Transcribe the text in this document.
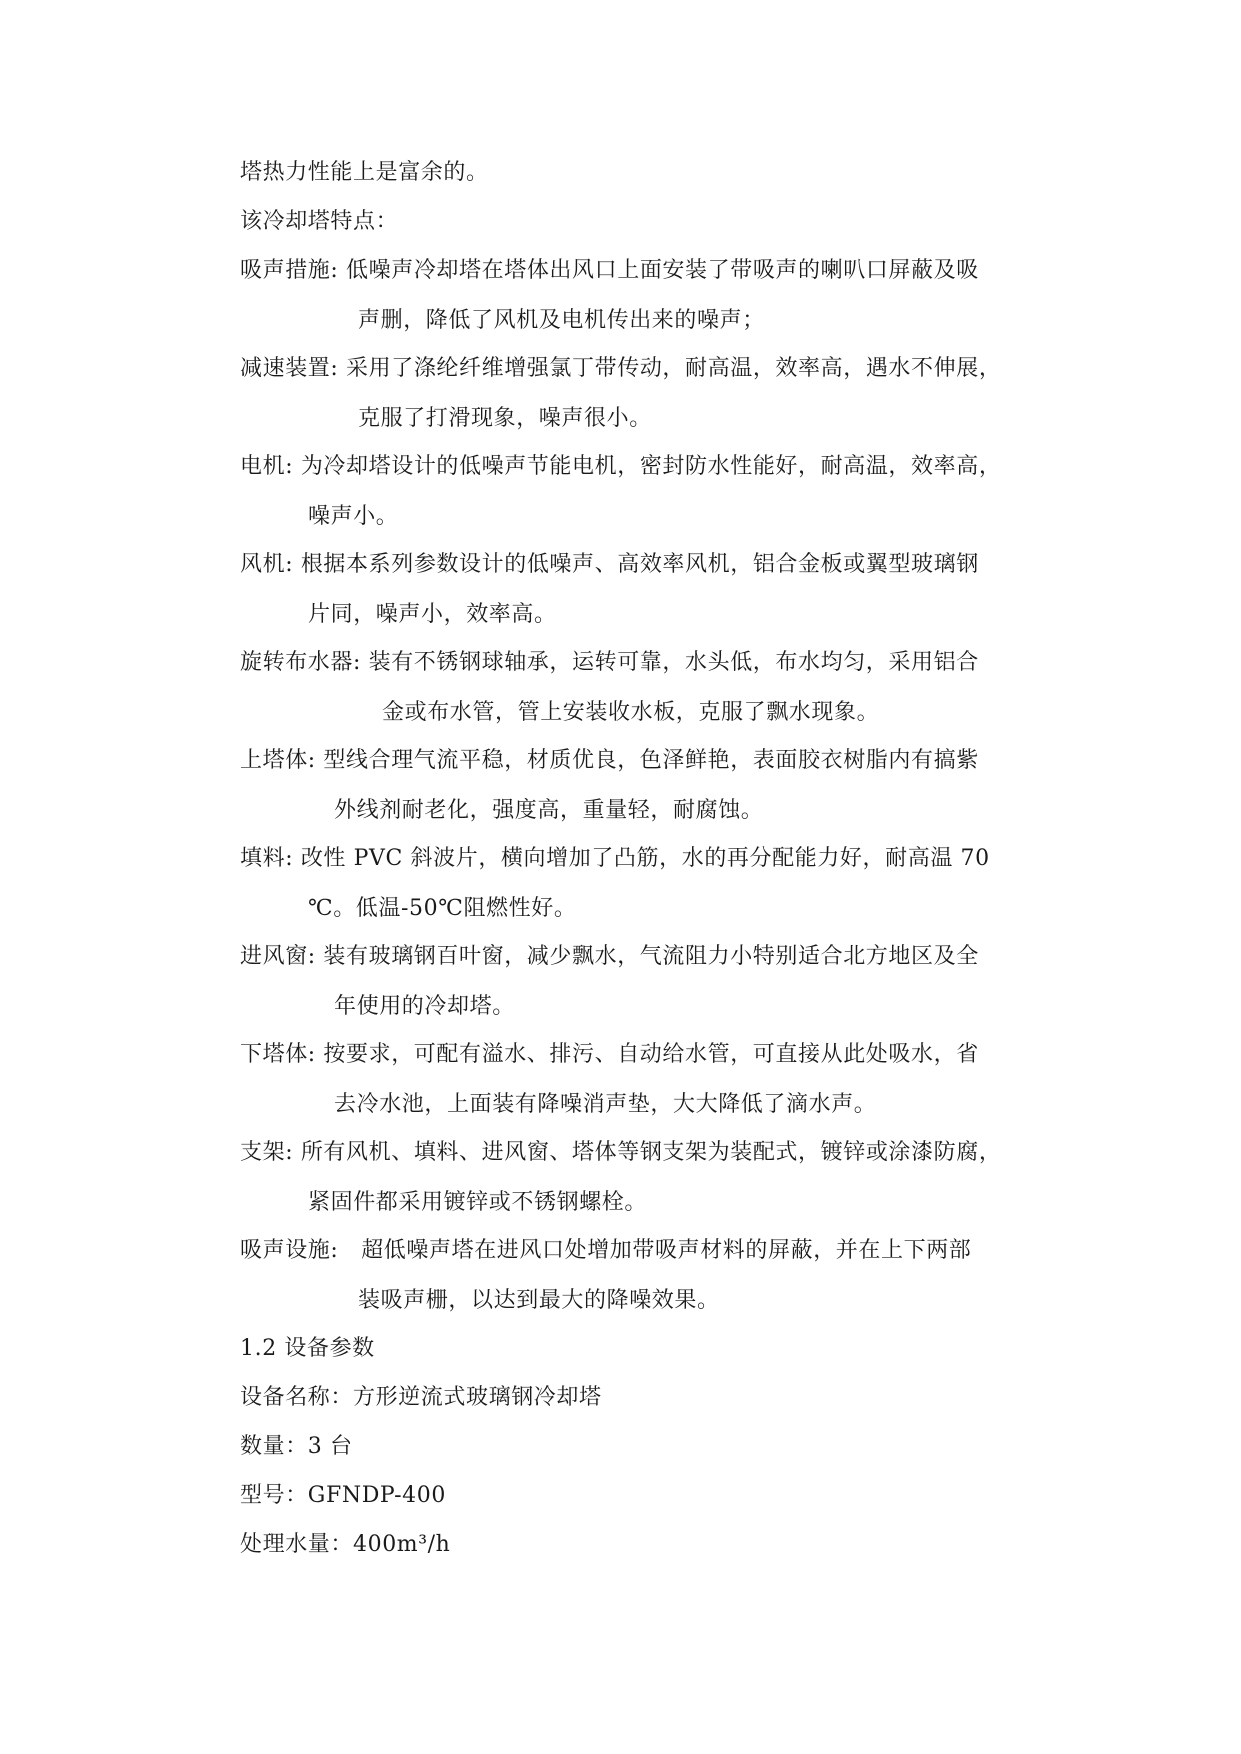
塔热力性能上是富余的。
该冷却塔特点：
吸声措施: 低噪声冷却塔在塔体出风口上面安装了带吸声的喇叭口屏蔽及吸
声删，降低了风机及电机传出来的噪声；
减速装置: 采用了涤纶纤维增强氯丁带传动，耐高温，效率高，遇水不伸展，
克服了打滑现象，噪声很小。
电机: 为冷却塔设计的低噪声节能电机，密封防水性能好，耐高温，效率高，
噪声小。
风机: 根据本系列参数设计的低噪声、高效率风机，铝合金板或翼型玻璃钢
片同，噪声小，效率高。
旋转布水器: 装有不锈钢球轴承，运转可靠，水头低，布水均匀，采用铝合
金或布水管，管上安装收水板，克服了飘水现象。
上塔体: 型线合理气流平稳，材质优良，色泽鲜艳，表面胶衣树脂内有搞紫
外线剂耐老化，强度高，重量轻，耐腐蚀。
填料: 改性 PVC 斜波片，横向增加了凸筋，水的再分配能力好，耐高温 70
℃。低温-50℃阻燃性好。
进风窗: 装有玻璃钢百叶窗，减少飘水，气流阻力小特别适合北方地区及全
年使用的冷却塔。
下塔体: 按要求，可配有溢水、排污、自动给水管，可直接从此处吸水，省
去冷水池，上面装有降噪消声垫，大大降低了滴水声。
支架: 所有风机、填料、进风窗、塔体等钢支架为装配式，镀锌或涂漆防腐，
紧固件都采用镀锌或不锈钢螺栓。
吸声设施: 超低噪声塔在进风口处增加带吸声材料的屏蔽，并在上下两部
装吸声栅，以达到最大的降噪效果。
1.2 设备参数
设备名称：方形逆流式玻璃钢冷却塔
数量：3 台
型号：GFNDP-400
处理水量：400m³/h
